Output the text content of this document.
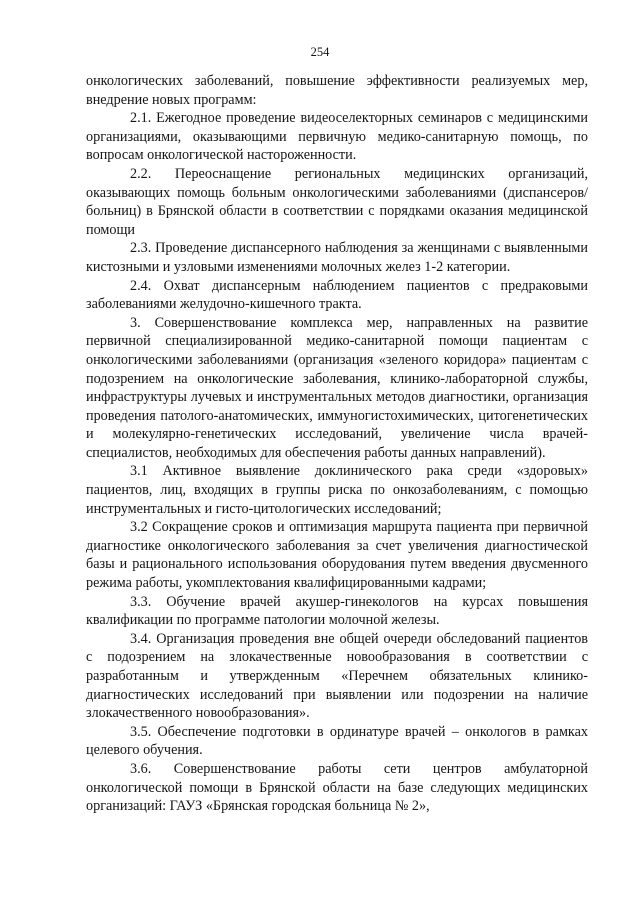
254

онкологических заболеваний, повышение эффективности реализуемых мер, внедрение новых программ:

2.1. Ежегодное проведение видеоселекторных семинаров с медицинскими организациями, оказывающими первичную медико-санитарную помощь, по вопросам онкологической настороженности.

2.2. Переоснащение региональных медицинских организаций, оказывающих помощь больным онкологическими заболеваниями (диспансеров/больниц) в Брянской области в соответствии с порядками оказания медицинской помощи

2.3. Проведение диспансерного наблюдения за женщинами с выявленными кистозными и узловыми изменениями молочных желез 1-2 категории.

2.4. Охват диспансерным наблюдением пациентов с предраковыми заболеваниями желудочно-кишечного тракта.

3. Совершенствование комплекса мер, направленных на развитие первичной специализированной медико-санитарной помощи пациентам с онкологическими заболеваниями (организация «зеленого коридора» пациентам с подозрением на онкологические заболевания, клинико-лабораторной службы, инфраструктуры лучевых и инструментальных методов диагностики, организация проведения патолого-анатомических, иммуногистохимических, цитогенетических и молекулярно-генетических исследований, увеличение числа врачей-специалистов, необходимых для обеспечения работы данных направлений).

3.1 Активное выявление доклинического рака среди «здоровых» пациентов, лиц, входящих в группы риска по онкозаболеваниям, с помощью инструментальных и гисто-цитологических исследований;

3.2 Сокращение сроков и оптимизация маршрута пациента при первичной диагностике онкологического заболевания за счет увеличения диагностической базы и рационального использования оборудования путем введения двусменного режима работы, укомплектования квалифицированными кадрами;

3.3. Обучение врачей акушер-гинекологов на курсах повышения квалификации по программе патологии молочной железы.

3.4. Организация проведения вне общей очереди обследований пациентов с подозрением на злокачественные новообразования в соответствии с разработанным и утвержденным «Перечнем обязательных клинико-диагностических исследований при выявлении или подозрении на наличие злокачественного новообразования».

3.5. Обеспечение подготовки в ординатуре врачей – онкологов в рамках целевого обучения.

3.6. Совершенствование работы сети центров амбулаторной онкологической помощи в Брянской области на базе следующих медицинских организаций: ГАУЗ «Брянская городская больница № 2»,
